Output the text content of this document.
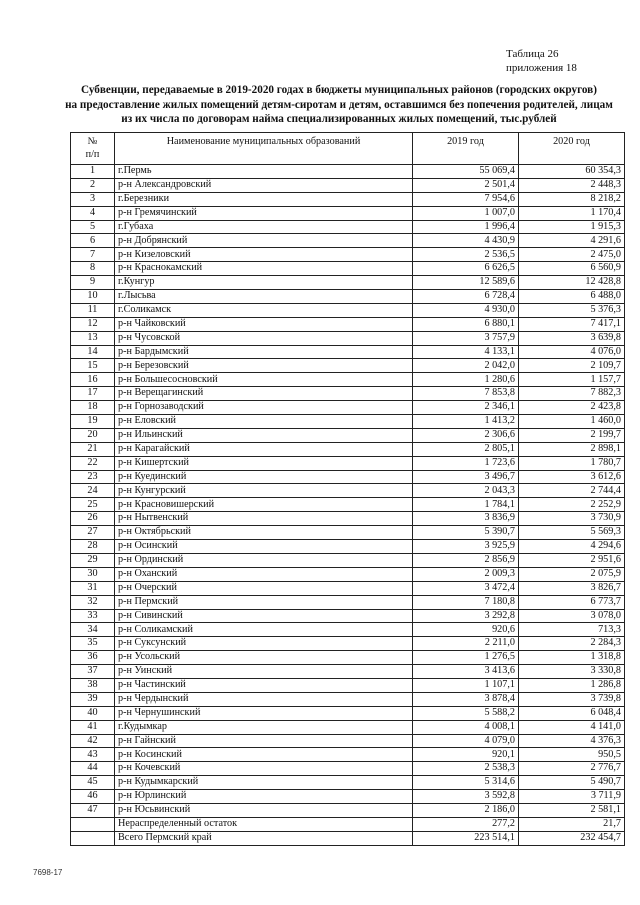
Таблица 26
приложения 18
Субвенции, передаваемые в 2019-2020 годах в бюджеты муниципальных районов (городских округов)
на предоставление жилых помещений детям-сиротам и детям, оставшимся без попечения родителей, лицам
из их числа по договорам найма специализированных жилых помещений, тыс.рублей
№
п/п	Наименование муниципальных образований	2019 год	2020 год
1	г.Пермь	55 069,4	60 354,3
2	р-н Александровский	2 501,4	2 448,3
3	г.Березники	7 954,6	8 218,2
4	р-н Гремячинский	1 007,0	1 170,4
5	г.Губаха	1 996,4	1 915,3
6	р-н Добрянский	4 430,9	4 291,6
7	р-н Кизеловский	2 536,5	2 475,0
8	р-н Краснокамский	6 626,5	6 560,9
9	г.Кунгур	12 589,6	12 428,8
10	г.Лысьва	6 728,4	6 488,0
11	г.Соликамск	4 930,0	5 376,3
12	р-н Чайковский	6 880,1	7 417,1
13	р-н Чусовской	3 757,9	3 639,8
14	р-н Бардымский	4 133,1	4 076,0
15	р-н Березовский	2 042,0	2 109,7
16	р-н Большесосновский	1 280,6	1 157,7
17	р-н Верещагинский	7 853,8	7 882,3
18	р-н Горнозаводский	2 346,1	2 423,8
19	р-н Еловский	1 413,2	1 460,0
20	р-н Ильинский	2 306,6	2 199,7
21	р-н Карагайский	2 805,1	2 898,1
22	р-н Кишертский	1 723,6	1 780,7
23	р-н Куединский	3 496,7	3 612,6
24	р-н Кунгурский	2 043,3	2 744,4
25	р-н Красновишерский	1 784,1	2 252,9
26	р-н Нытвенский	3 836,9	3 730,9
27	р-н Октябрьский	5 390,7	5 569,3
28	р-н Осинский	3 925,9	4 294,6
29	р-н Ординский	2 856,9	2 951,6
30	р-н Оханский	2 009,3	2 075,9
31	р-н Очерский	3 472,4	3 826,7
32	р-н Пермский	7 180,8	6 773,7
33	р-н Сивинский	3 292,8	3 078,0
34	р-н Соликамский	920,6	713,3
35	р-н Суксунский	2 211,0	2 284,3
36	р-н Усольский	1 276,5	1 318,8
37	р-н Уинский	3 413,6	3 330,8
38	р-н Частинский	1 107,1	1 286,8
39	р-н Чердынский	3 878,4	3 739,8
40	р-н Чернушинский	5 588,2	6 048,4
41	г.Кудымкар	4 008,1	4 141,0
42	р-н Гайнский	4 079,0	4 376,3
43	р-н Косинский	920,1	950,5
44	р-н Кочевский	2 538,3	2 776,7
45	р-н Кудымкарский	5 314,6	5 490,7
46	р-н Юрлинский	3 592,8	3 711,9
47	р-н Юсьвинский	2 186,0	2 581,1
	Нераспределенный остаток	277,2	21,7
	Всего Пермский край	223 514,1	232 454,7
7698-17
